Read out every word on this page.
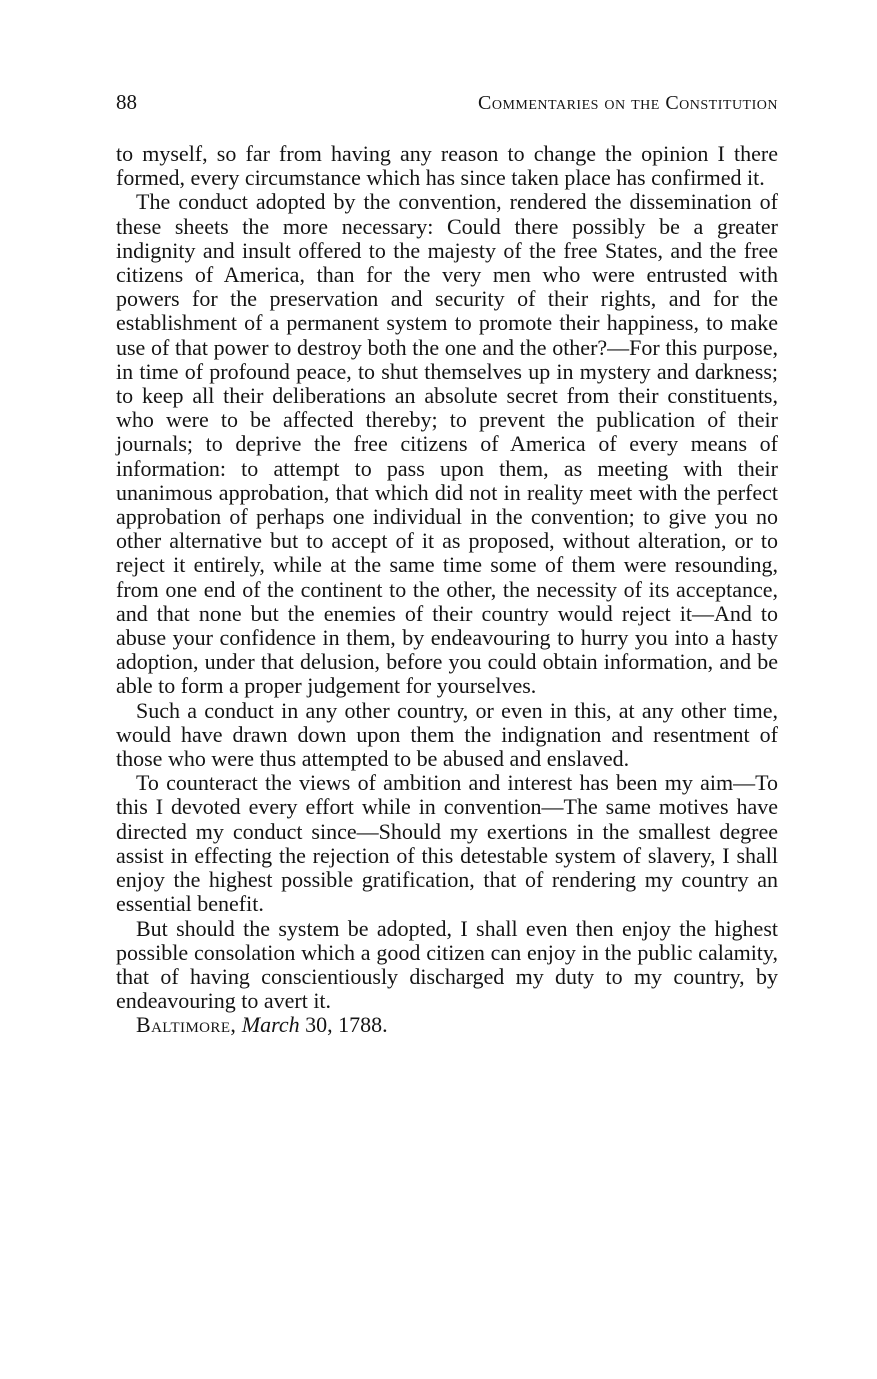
88	Commentaries on the Constitution

to myself, so far from having any reason to change the opinion I there formed, every circumstance which has since taken place has confirmed it.

The conduct adopted by the convention, rendered the dissemination of these sheets the more necessary: Could there possibly be a greater indignity and insult offered to the majesty of the free States, and the free citizens of America, than for the very men who were entrusted with powers for the preservation and security of their rights, and for the establishment of a permanent system to promote their happiness, to make use of that power to destroy both the one and the other?—For this purpose, in time of profound peace, to shut themselves up in mystery and darkness; to keep all their deliberations an absolute secret from their constituents, who were to be affected thereby; to prevent the publication of their journals; to deprive the free citizens of America of every means of information: to attempt to pass upon them, as meeting with their unanimous approbation, that which did not in reality meet with the perfect approbation of perhaps one individual in the convention; to give you no other alternative but to accept of it as proposed, without alteration, or to reject it entirely, while at the same time some of them were resounding, from one end of the continent to the other, the necessity of its acceptance, and that none but the enemies of their country would reject it—And to abuse your confidence in them, by endeavouring to hurry you into a hasty adoption, under that delusion, before you could obtain information, and be able to form a proper judgement for yourselves.

Such a conduct in any other country, or even in this, at any other time, would have drawn down upon them the indignation and resentment of those who were thus attempted to be abused and enslaved.

To counteract the views of ambition and interest has been my aim—To this I devoted every effort while in convention—The same motives have directed my conduct since—Should my exertions in the smallest degree assist in effecting the rejection of this detestable system of slavery, I shall enjoy the highest possible gratification, that of rendering my country an essential benefit.

But should the system be adopted, I shall even then enjoy the highest possible consolation which a good citizen can enjoy in the public calamity, that of having conscientiously discharged my duty to my country, by endeavouring to avert it.

Baltimore, March 30, 1788.
